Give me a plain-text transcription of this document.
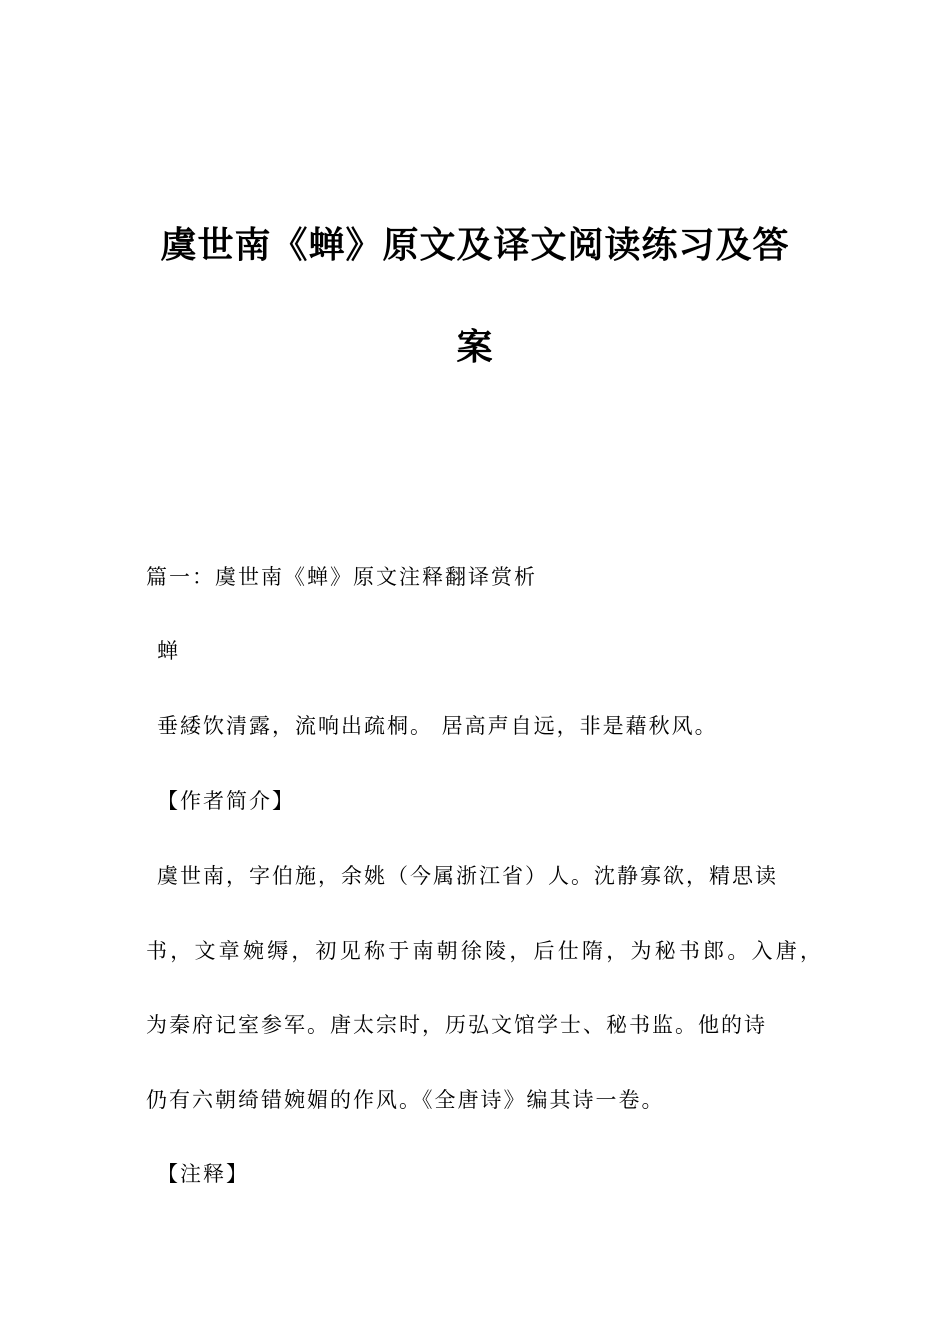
虞世南《蝉》原文及译文阅读练习及答
案
篇一：虞世南《蝉》原文注释翻译赏析
蝉
垂緌饮清露，流响出疏桐。 居高声自远，非是藉秋风。
【作者简介】
虞世南，字伯施，余姚（今属浙江省）人。沈静寡欲，精思读
书，文章婉缛，初见称于南朝徐陵，后仕隋，为秘书郎。入唐，
为秦府记室参军。唐太宗时，历弘文馆学士、秘书监。他的诗
仍有六朝绮错婉媚的作风。《全唐诗》编其诗一卷。
【注释】
